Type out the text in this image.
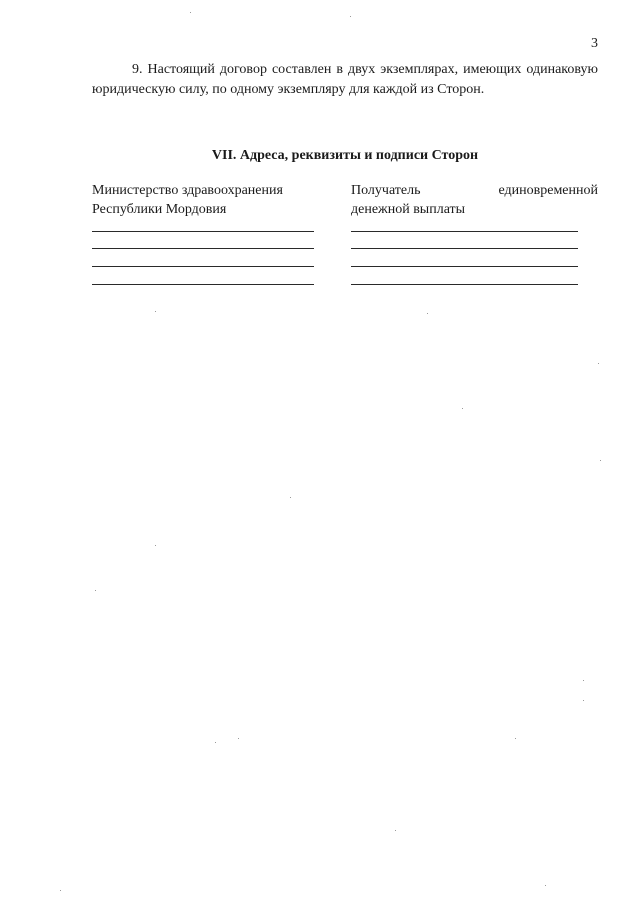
3

9. Настоящий договор составлен в двух экземплярах, имеющих одинаковую юридическую силу, по одному экземпляру для каждой из Сторон.

VII. Адреса, реквизиты и подписи Сторон
Министерство здравоохранения
Республики Мордовия
Получатель	единовременной
денежной выплаты
